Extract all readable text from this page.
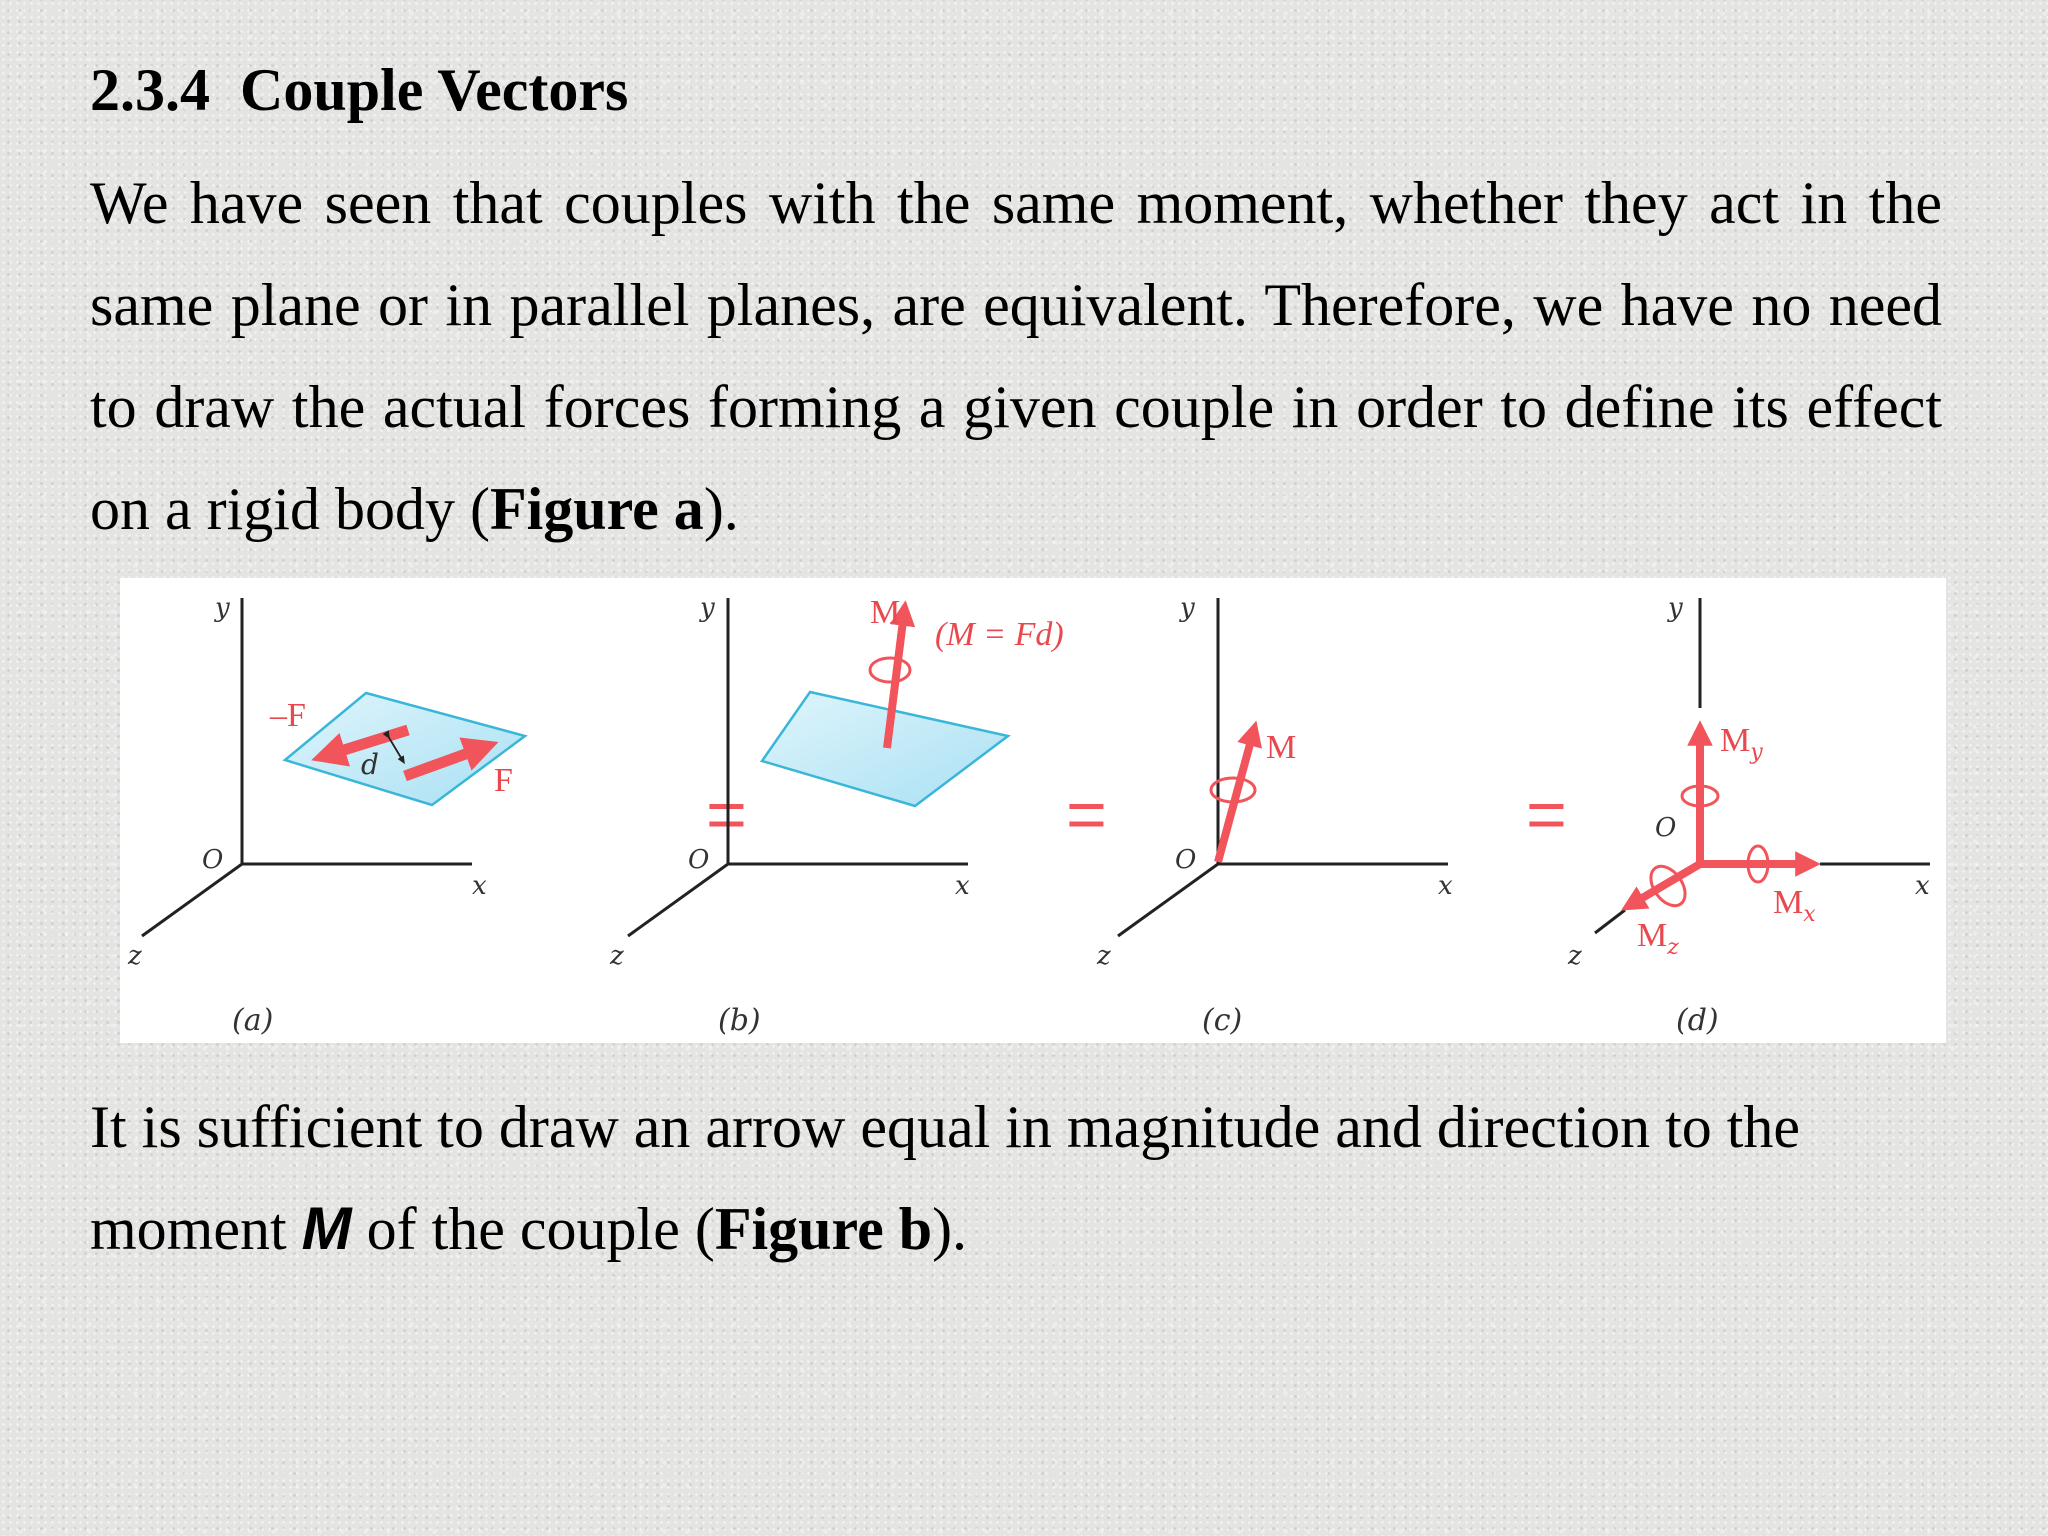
2.3.4  Couple Vectors
We have seen that couples with the same moment, whether they act in the same plane or in parallel planes, are equivalent. Therefore, we have no need to draw the actual forces forming a given couple in order to define its effect on a rigid body (Figure a).
y
x
z
O
–F
F
d
(a)
=
y
x
z
O
M
(M = Fd)
(b)
=
y
x
z
O
M
(c)
=
y
x
z
O
$M_y$
$M_x$
$M_z$
(d)
It is sufficient to draw an arrow equal in magnitude and direction to the moment M of the couple (Figure b).
